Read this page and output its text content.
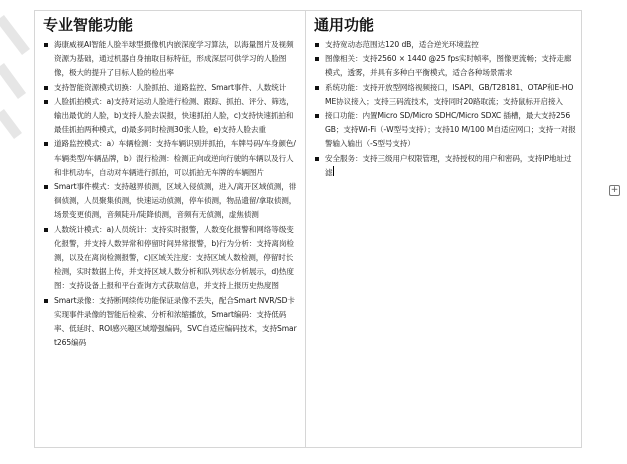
专业智能功能
海康威视AI智能人脸半球型摄像机内嵌深度学习算法，以海量图片及视频资源为基础，通过机器自身抽取目标特征，形成深层可供学习的人脸图像，极大的提升了目标人脸的检出率
支持智能资源模式切换：人脸抓拍、道路监控、Smart事件、人数统计
人脸抓拍模式：a)支持对运动人脸进行检测、跟踪、抓拍、评分、筛选，输出最优的人脸，b)支持人脸去误报，快速抓拍人脸，c)支持快速抓拍和最佳抓拍两种模式，d)最多同时检测30张人脸，e)支持人脸去重
道路监控模式：a）车辆检测：支持车辆识别并抓拍，车牌号码/车身颜色/车辆类型/车辆品牌，b）混行检测：检测正向或逆向行驶的车辆以及行人和非机动车，自动对车辆进行抓拍，可以抓拍无车牌的车辆图片
Smart事件模式：支持越界侦测，区域入侵侦测，进入/离开区域侦测，徘徊侦测，人员聚集侦测，快速运动侦测，停车侦测，物品遗留/拿取侦测，场景变更侦测，音频陡升/陡降侦测，音频有无侦测，虚焦侦测
人数统计模式：a)人员统计：支持实时报警，人数变化报警和网络等级变化报警，并支持人数异常和停留时间异常报警，b)行为分析：支持离岗检测，以及在离岗检测报警，c)区域关注度：支持区域人数检测，停留时长检测，实时数据上传，并支持区域人数分析和队列状态分析展示，d)热度图：支持设备上报和平台查询方式获取信息，并支持上报历史热度图
Smart录像：支持断网续传功能保证录像不丢失，配合Smart NVR/SD卡实现事件录像的智能后检索、分析和浓缩播放，Smart编码：支持低码率、低延时、ROI感兴趣区域增强编码，SVC自适应编码技术，支持Smart265编码
通用功能
支持宽动态范围达120 dB，适合逆光环境监控
图像相关：支持2560 × 1440 @25 fps实时帧率，图像更流畅；支持走廊模式，透雾，并具有多种白平衡模式，适合各种场景需求
系统功能：支持开放型网络视频接口，ISAPI、GB/T28181、OTAP和E-HOME协议接入；支持三码流技术，支持同时20路取流；支持鼠标开启接入
接口功能：内置Micro SD/Micro SDHC/Micro SDXC 插槽，最大支持256 GB；支持Wi-Fi（-W型号支持）；支持10 M/100 M自适应网口；支持一对报警输入输出（-S型号支持）
安全服务：支持三级用户权限管理，支持授权的用户和密码，支持IP地址过滤
+
